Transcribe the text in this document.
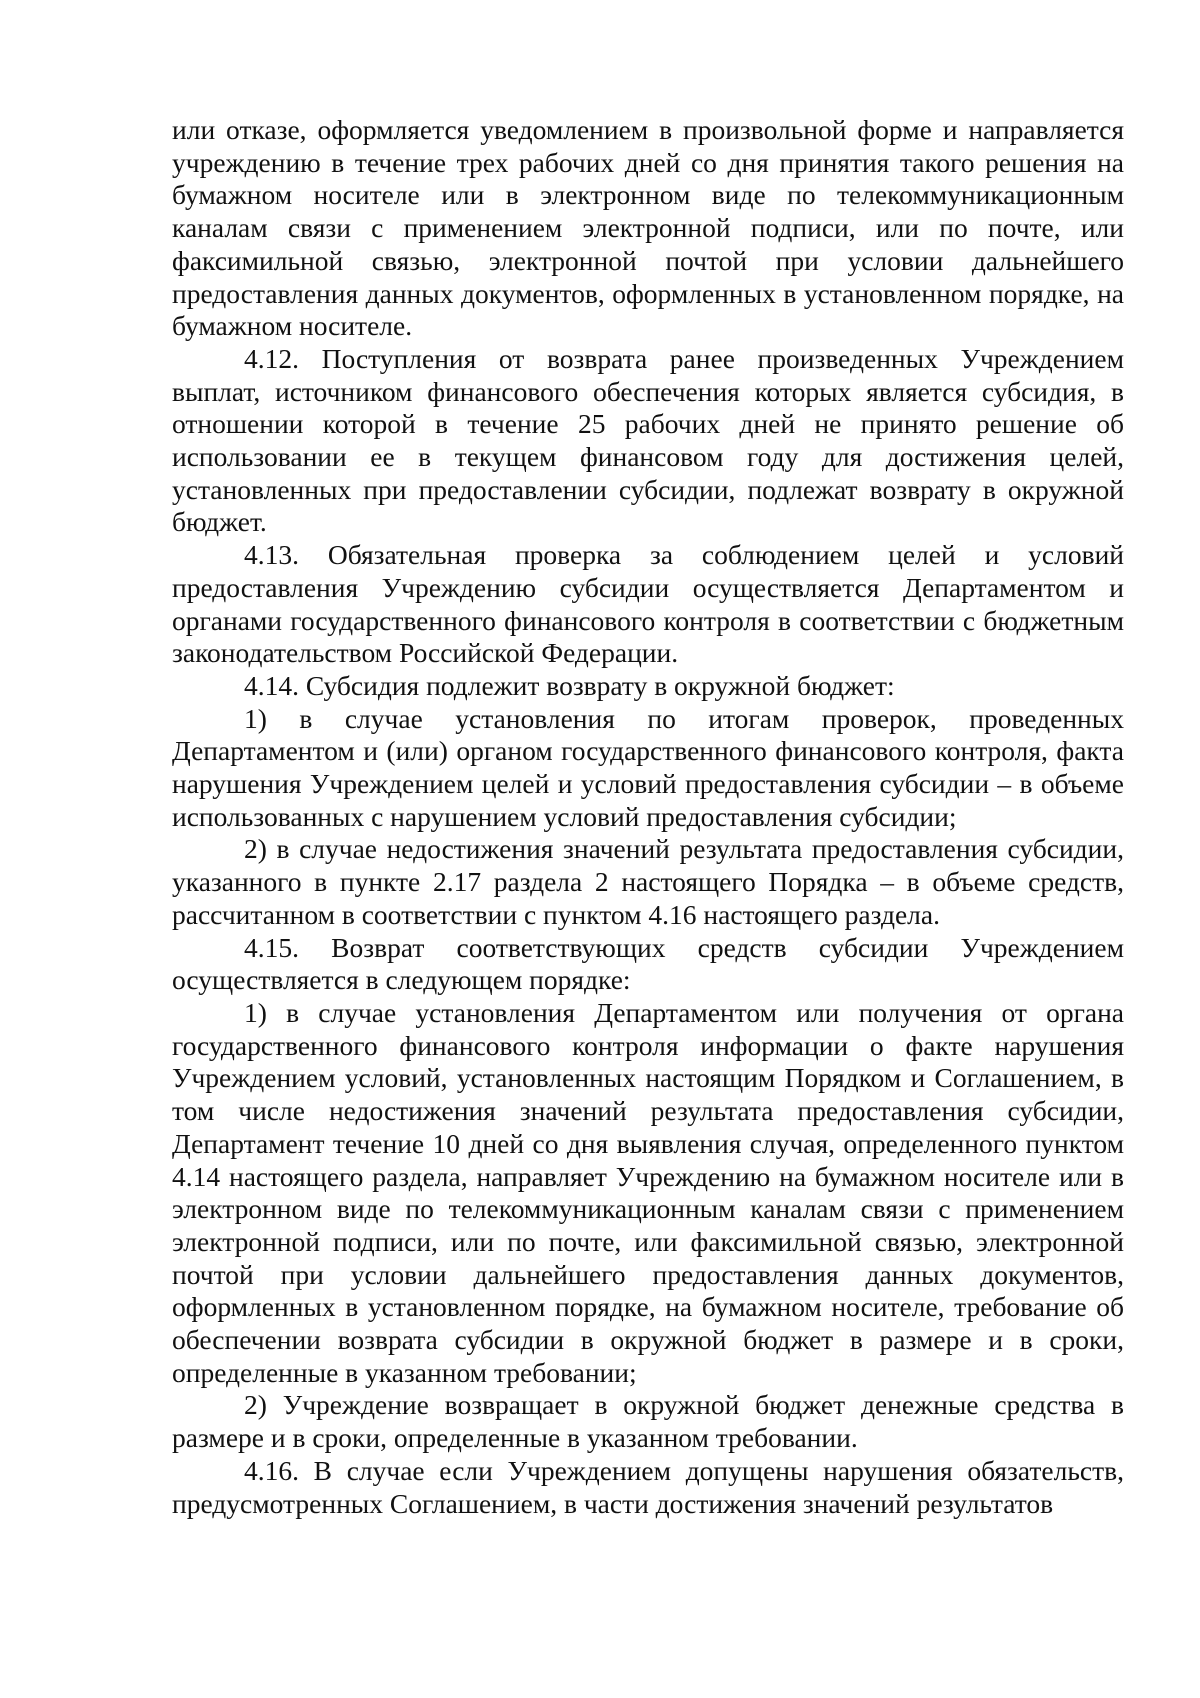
или отказе, оформляется уведомлением в произвольной форме и направляется учреждению в течение трех рабочих дней со дня принятия такого решения на бумажном носителе или в электронном виде по телекоммуникационным каналам связи с применением электронной подписи, или по почте, или факсимильной связью, электронной почтой при условии дальнейшего предоставления данных документов, оформленных в установленном порядке, на бумажном носителе.

4.12. Поступления от возврата ранее произведенных Учреждением выплат, источником финансового обеспечения которых является субсидия, в отношении которой в течение 25 рабочих дней не принято решение об использовании ее в текущем финансовом году для достижения целей, установленных при предоставлении субсидии, подлежат возврату в окружной бюджет.

4.13. Обязательная проверка за соблюдением целей и условий предоставления Учреждению субсидии осуществляется Департаментом и органами государственного финансового контроля в соответствии с бюджетным законодательством Российской Федерации.

4.14. Субсидия подлежит возврату в окружной бюджет:

1) в случае установления по итогам проверок, проведенных Департаментом и (или) органом государственного финансового контроля, факта нарушения Учреждением целей и условий предоставления субсидии – в объеме использованных с нарушением условий предоставления субсидии;

2) в случае недостижения значений результата предоставления субсидии, указанного в пункте 2.17 раздела 2 настоящего Порядка – в объеме средств, рассчитанном в соответствии с пунктом 4.16 настоящего раздела.

4.15. Возврат соответствующих средств субсидии Учреждением осуществляется в следующем порядке:

1) в случае установления Департаментом или получения от органа государственного финансового контроля информации о факте нарушения Учреждением условий, установленных настоящим Порядком и Соглашением, в том числе недостижения значений результата предоставления субсидии, Департамент течение 10 дней со дня выявления случая, определенного пунктом 4.14 настоящего раздела, направляет Учреждению на бумажном носителе или в электронном виде по телекоммуникационным каналам связи с применением электронной подписи, или по почте, или факсимильной связью, электронной почтой при условии дальнейшего предоставления данных документов, оформленных в установленном порядке, на бумажном носителе, требование об обеспечении возврата субсидии в окружной бюджет в размере и в сроки, определенные в указанном требовании;

2) Учреждение возвращает в окружной бюджет денежные средства в размере и в сроки, определенные в указанном требовании.

4.16. В случае если Учреждением допущены нарушения обязательств, предусмотренных Соглашением, в части достижения значений результатов
